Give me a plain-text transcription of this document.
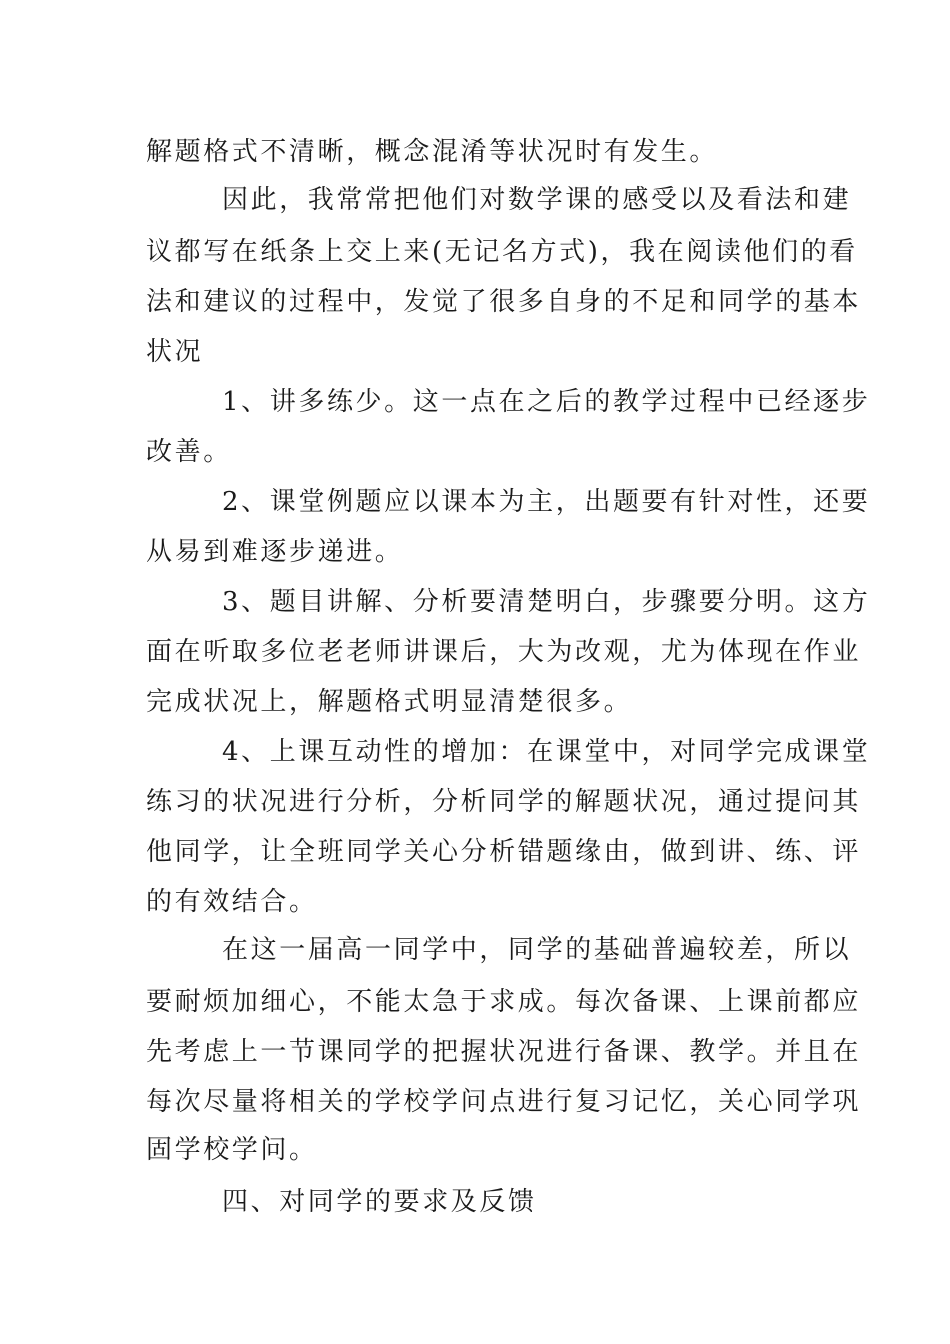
解题格式不清晰，概念混淆等状况时有发生。
因此，我常常把他们对数学课的感受以及看法和建
议都写在纸条上交上来(无记名方式)，我在阅读他们的看
法和建议的过程中，发觉了很多自身的不足和同学的基本
状况
1、讲多练少。这一点在之后的教学过程中已经逐步
改善。
2、课堂例题应以课本为主，出题要有针对性，还要
从易到难逐步递进。
3、题目讲解、分析要清楚明白，步骤要分明。这方
面在听取多位老老师讲课后，大为改观，尤为体现在作业
完成状况上，解题格式明显清楚很多。
4、上课互动性的增加：在课堂中，对同学完成课堂
练习的状况进行分析，分析同学的解题状况，通过提问其
他同学，让全班同学关心分析错题缘由，做到讲、练、评
的有效结合。
在这一届高一同学中，同学的基础普遍较差，所以
要耐烦加细心，不能太急于求成。每次备课、上课前都应
先考虑上一节课同学的把握状况进行备课、教学。并且在
每次尽量将相关的学校学问点进行复习记忆，关心同学巩
固学校学问。
四、对同学的要求及反馈
